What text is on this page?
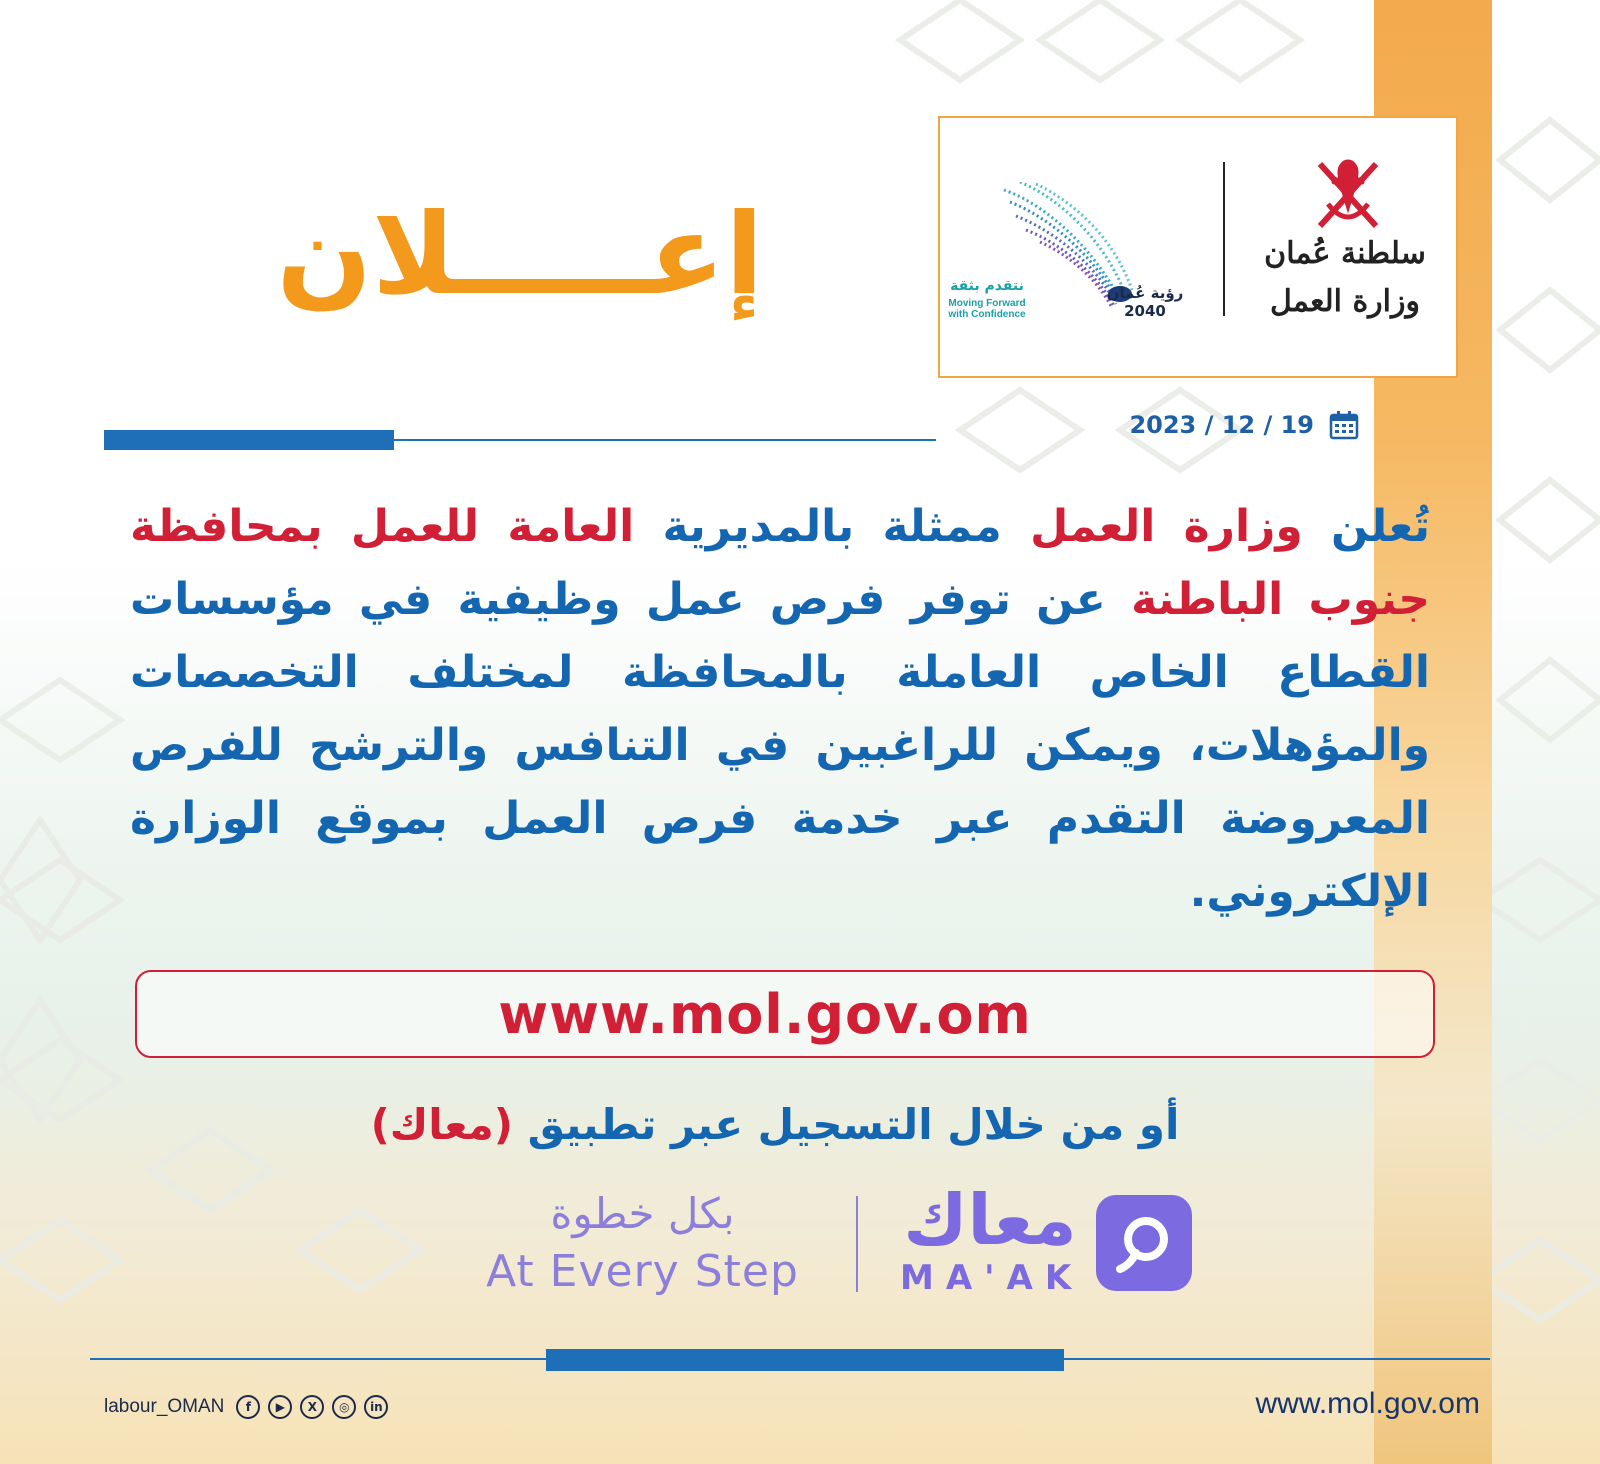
سلطنة عُمان
وزارة العمل
رؤية عُمان 2040
نتقدم بثقة
Moving Forward
with Confidence
إعـــــلان
2023 / 12 / 19
تُعلن وزارة العمل ممثلة بالمديرية العامة للعمل بمحافظة جنوب الباطنة عن توفر فرص عمل وظيفية في مؤسسات القطاع الخاص العاملة بالمحافظة لمختلف التخصصات والمؤهلات، ويمكن للراغبين في التنافس والترشح للفرص المعروضة التقدم عبر خدمة فرص العمل بموقع الوزارة الإلكتروني.
www.mol.gov.om
أو من خلال التسجيل عبر تطبيق (معاك)
معاك
MA'AK
بكل خطوة
At Every Step
labour_OMAN	f	▶	X	◎	in	www.mol.gov.om
